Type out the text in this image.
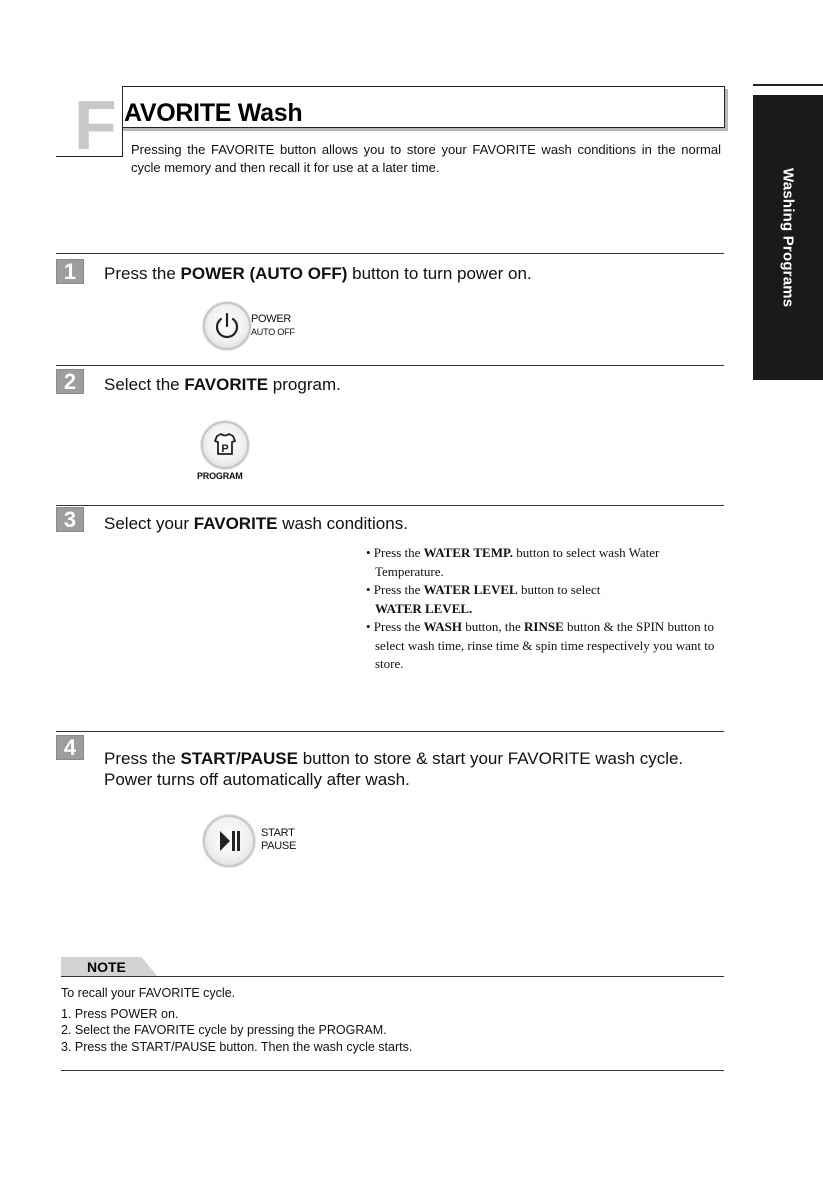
F AVORITE Wash
Pressing the FAVORITE button allows you to store your FAVORITE wash conditions in the normal cycle memory and then recall it for use at a later time.
Washing Programs
1	Press the POWER (AUTO OFF) button to turn power on.
POWER
AUTO OFF
2	Select the FAVORITE program.
P
PROGRAM
3	Select your FAVORITE wash conditions.
• Press the WATER TEMP. button to select wash Water Temperature.
• Press the WATER LEVEL button to select
WATER LEVEL.
• Press the WASH button, the RINSE button & the SPIN button to select wash time, rinse time & spin time respectively you want to store.
4	Press the START/PAUSE button to store & start your FAVORITE wash cycle.
Power turns off automatically after wash.
START
PAUSE
NOTE
To recall your FAVORITE cycle.
1. Press POWER on.
2. Select the FAVORITE cycle by pressing the PROGRAM.
3. Press the START/PAUSE button. Then the wash cycle starts.
